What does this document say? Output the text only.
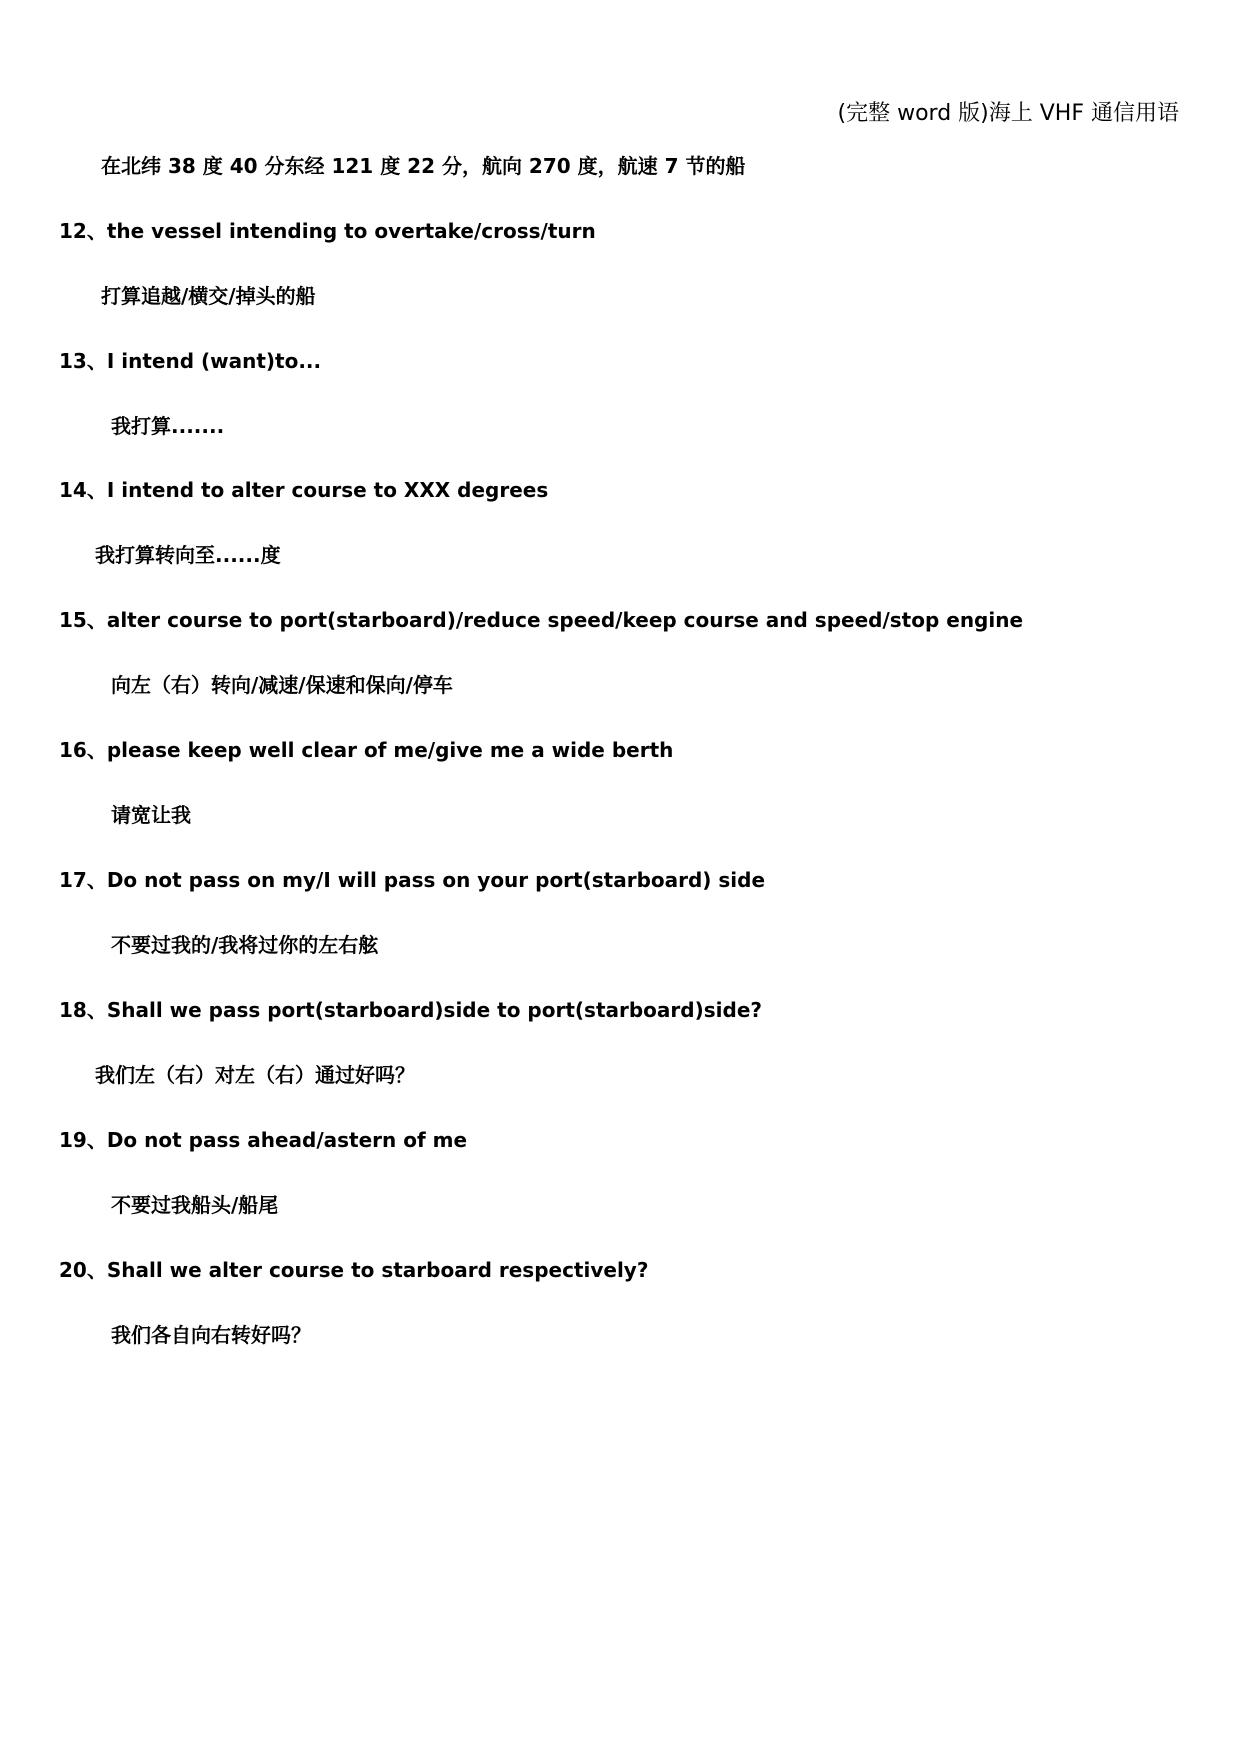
(完整 word 版)海上 VHF 通信用语
在北纬 38 度 40 分东经 121 度 22 分，航向 270 度，航速 7 节的船
12、the vessel intending to overtake/cross/turn
打算追越/横交/掉头的船
13、I intend (want)to...
我打算.......
14、I intend to alter course to XXX degrees
我打算转向至......度
15、alter course to port(starboard)/reduce speed/keep course and speed/stop engine
向左（右）转向/减速/保速和保向/停车
16、please keep well clear of me/give me a wide berth
请宽让我
17、Do not pass on my/I will pass on your port(starboard) side
不要过我的/我将过你的左右舷
18、Shall we pass port(starboard)side to port(starboard)side?
我们左（右）对左（右）通过好吗？
19、Do not pass ahead/astern of me
不要过我船头/船尾
20、Shall we alter course to starboard respectively?
我们各自向右转好吗？
